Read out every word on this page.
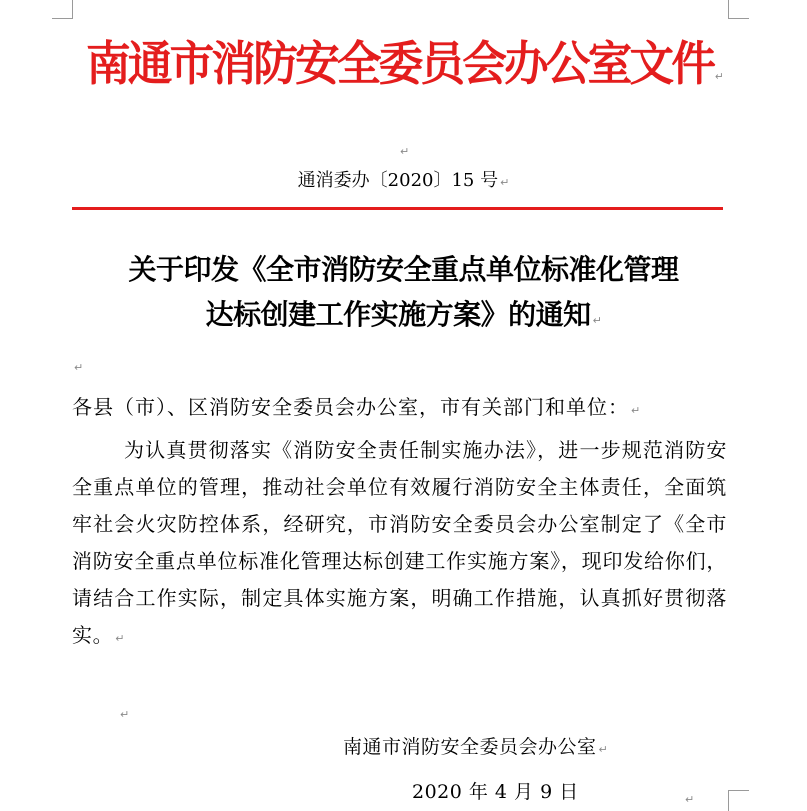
南通市消防安全委员会办公室文件 ↵
↵
通消委办〔2020〕15 号 ↵
关于印发《全市消防安全重点单位标准化管理
达标创建工作实施方案》的通知 ↵
↵
各县（市）、区消防安全委员会办公室，市有关部门和单位： ↵
为认真贯彻落实《消防安全责任制实施办法》，进一步规范消防安全重点单位的管理，推动社会单位有效履行消防安全主体责任，全面筑牢社会火灾防控体系，经研究，市消防安全委员会办公室制定了《全市消防安全重点单位标准化管理达标创建工作实施方案》，现印发给你们，请结合工作实际，制定具体实施方案，明确工作措施，认真抓好贯彻落实。 ↵
↵
南通市消防安全委员会办公室 ↵
2020 年 4 月 9 日	↵
